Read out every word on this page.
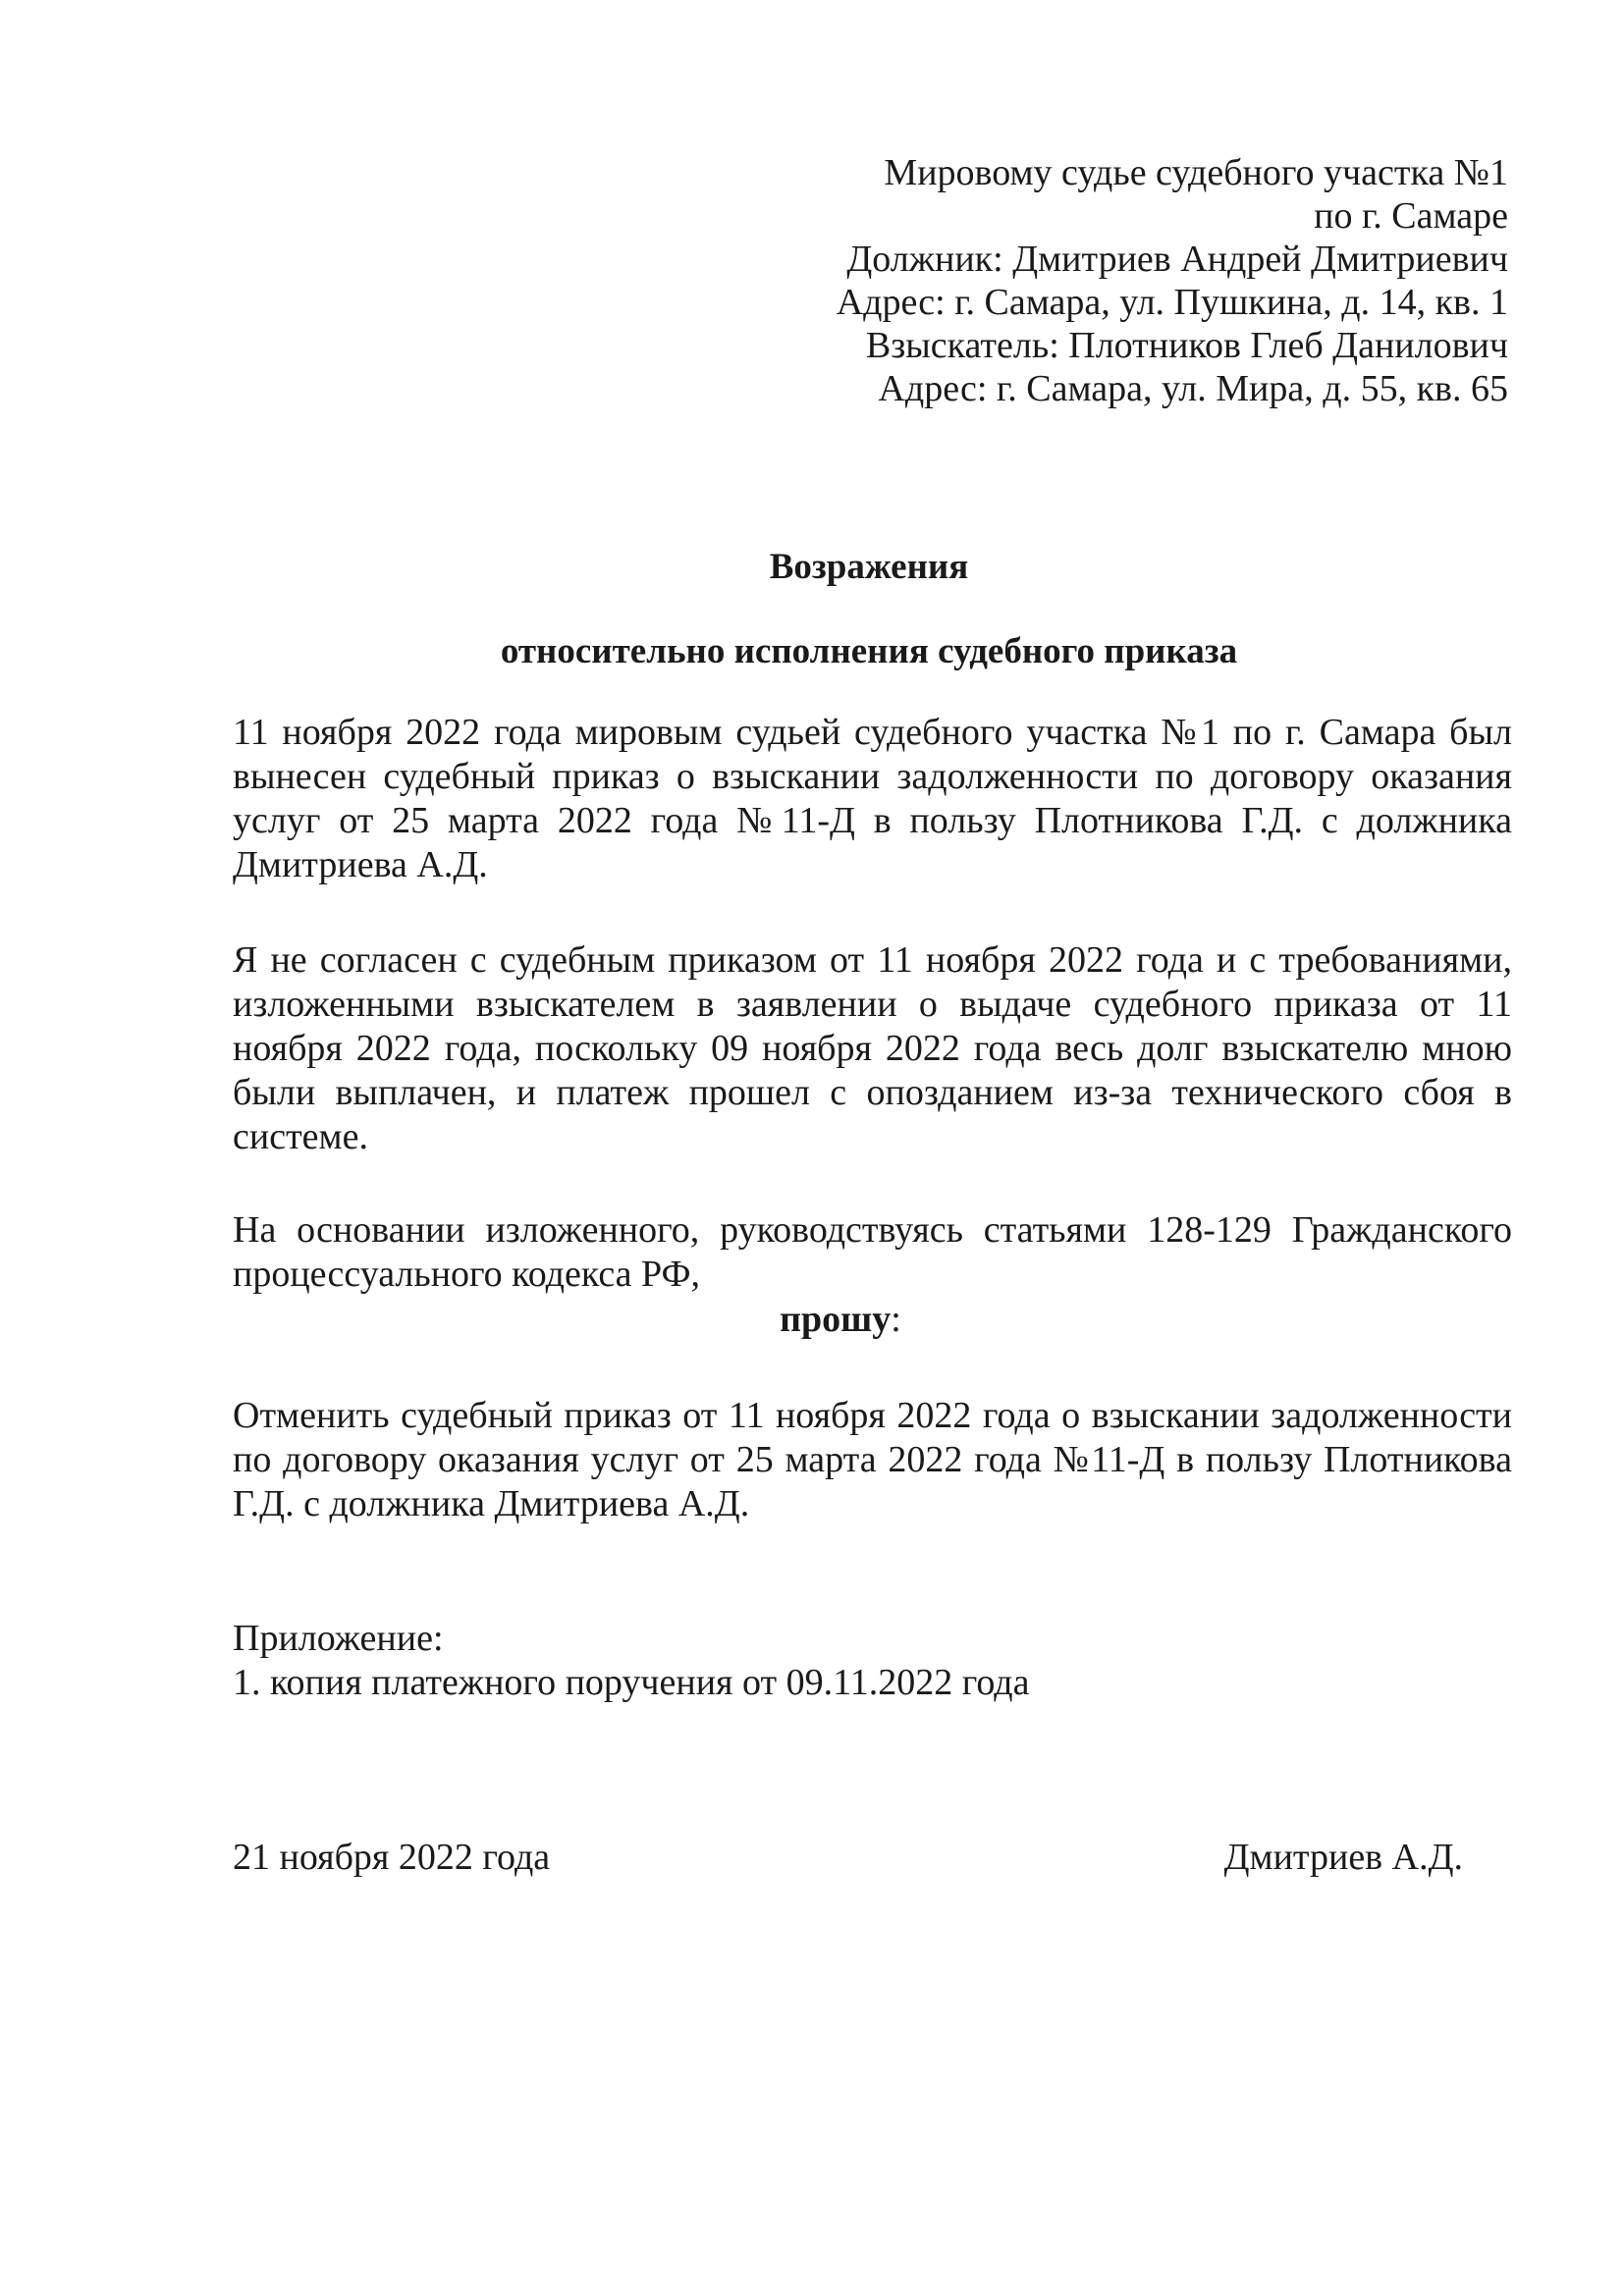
Мировому судье судебного участка №1
по г. Самаре
Должник: Дмитриев Андрей Дмитриевич
Адрес: г. Самара, ул. Пушкина, д. 14, кв. 1
Взыскатель: Плотников Глеб Данилович
Адрес: г. Самара, ул. Мира, д. 55, кв. 65
Возражения
относительно исполнения судебного приказа
11 ноября 2022 года мировым судьей судебного участка №1 по г. Самара был вынесен судебный приказ о взыскании задолженности по договору оказания услуг от 25 марта 2022 года №11-Д в пользу Плотникова Г.Д. с должника Дмитриева А.Д.
Я не согласен с судебным приказом от 11 ноября 2022 года и с требованиями, изложенными взыскателем в заявлении о выдаче судебного приказа от 11 ноября 2022 года, поскольку 09 ноября 2022 года весь долг взыскателю мною были выплачен, и платеж прошел с опозданием из-за технического сбоя в системе.
На основании изложенного, руководствуясь статьями 128-129 Гражданского процессуального кодекса РФ,
прошу:
Отменить судебный приказ от 11 ноября 2022 года о взыскании задолженности по договору оказания услуг от 25 марта 2022 года №11-Д в пользу Плотникова Г.Д. с должника Дмитриева А.Д.
Приложение:
1. копия платежного поручения от 09.11.2022 года
21 ноября 2022 года	Дмитриев А.Д.
